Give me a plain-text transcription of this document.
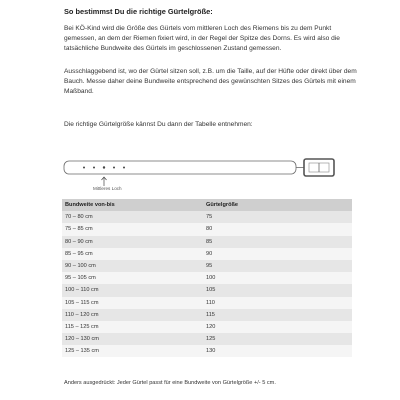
So bestimmst Du die richtige Gürtelgröße:
Bei KÖ-Kind wird die Größe des Gürtels vom mittleren Loch des Riemens bis zu dem Punkt gemessen, an dem der Riemen fixiert wird, in der Regel der Spitze des Dorns. Es wird also die tatsächliche Bundweite des Gürtels im geschlossenen Zustand gemessen.
Ausschlaggebend ist, wo der Gürtel sitzen soll, z.B. um die Taille, auf der Hüfte oder direkt über dem Bauch. Messe daher deine Bundweite entsprechend des gewünschten Sitzes des Gürtels mit einem Maßband.
Die richtige Gürtelgröße kännst Du dann der Tabelle entnehmen:
Mittleres Loch
Bundweite von-bis	Gürtelgröße
70 – 80 cm	75
75 – 85 cm	80
80 – 90 cm	85
85 – 95 cm	90
90 – 100 cm	95
95 – 105 cm	100
100 – 110 cm	105
105 – 115 cm	110
110 – 120 cm	115
115 – 125 cm	120
120 – 130 cm	125
125 – 135 cm	130
Anders ausgedrückt: Jeder Gürtel passt für eine Bundweite von Gürtelgröße +/- 5 cm.
